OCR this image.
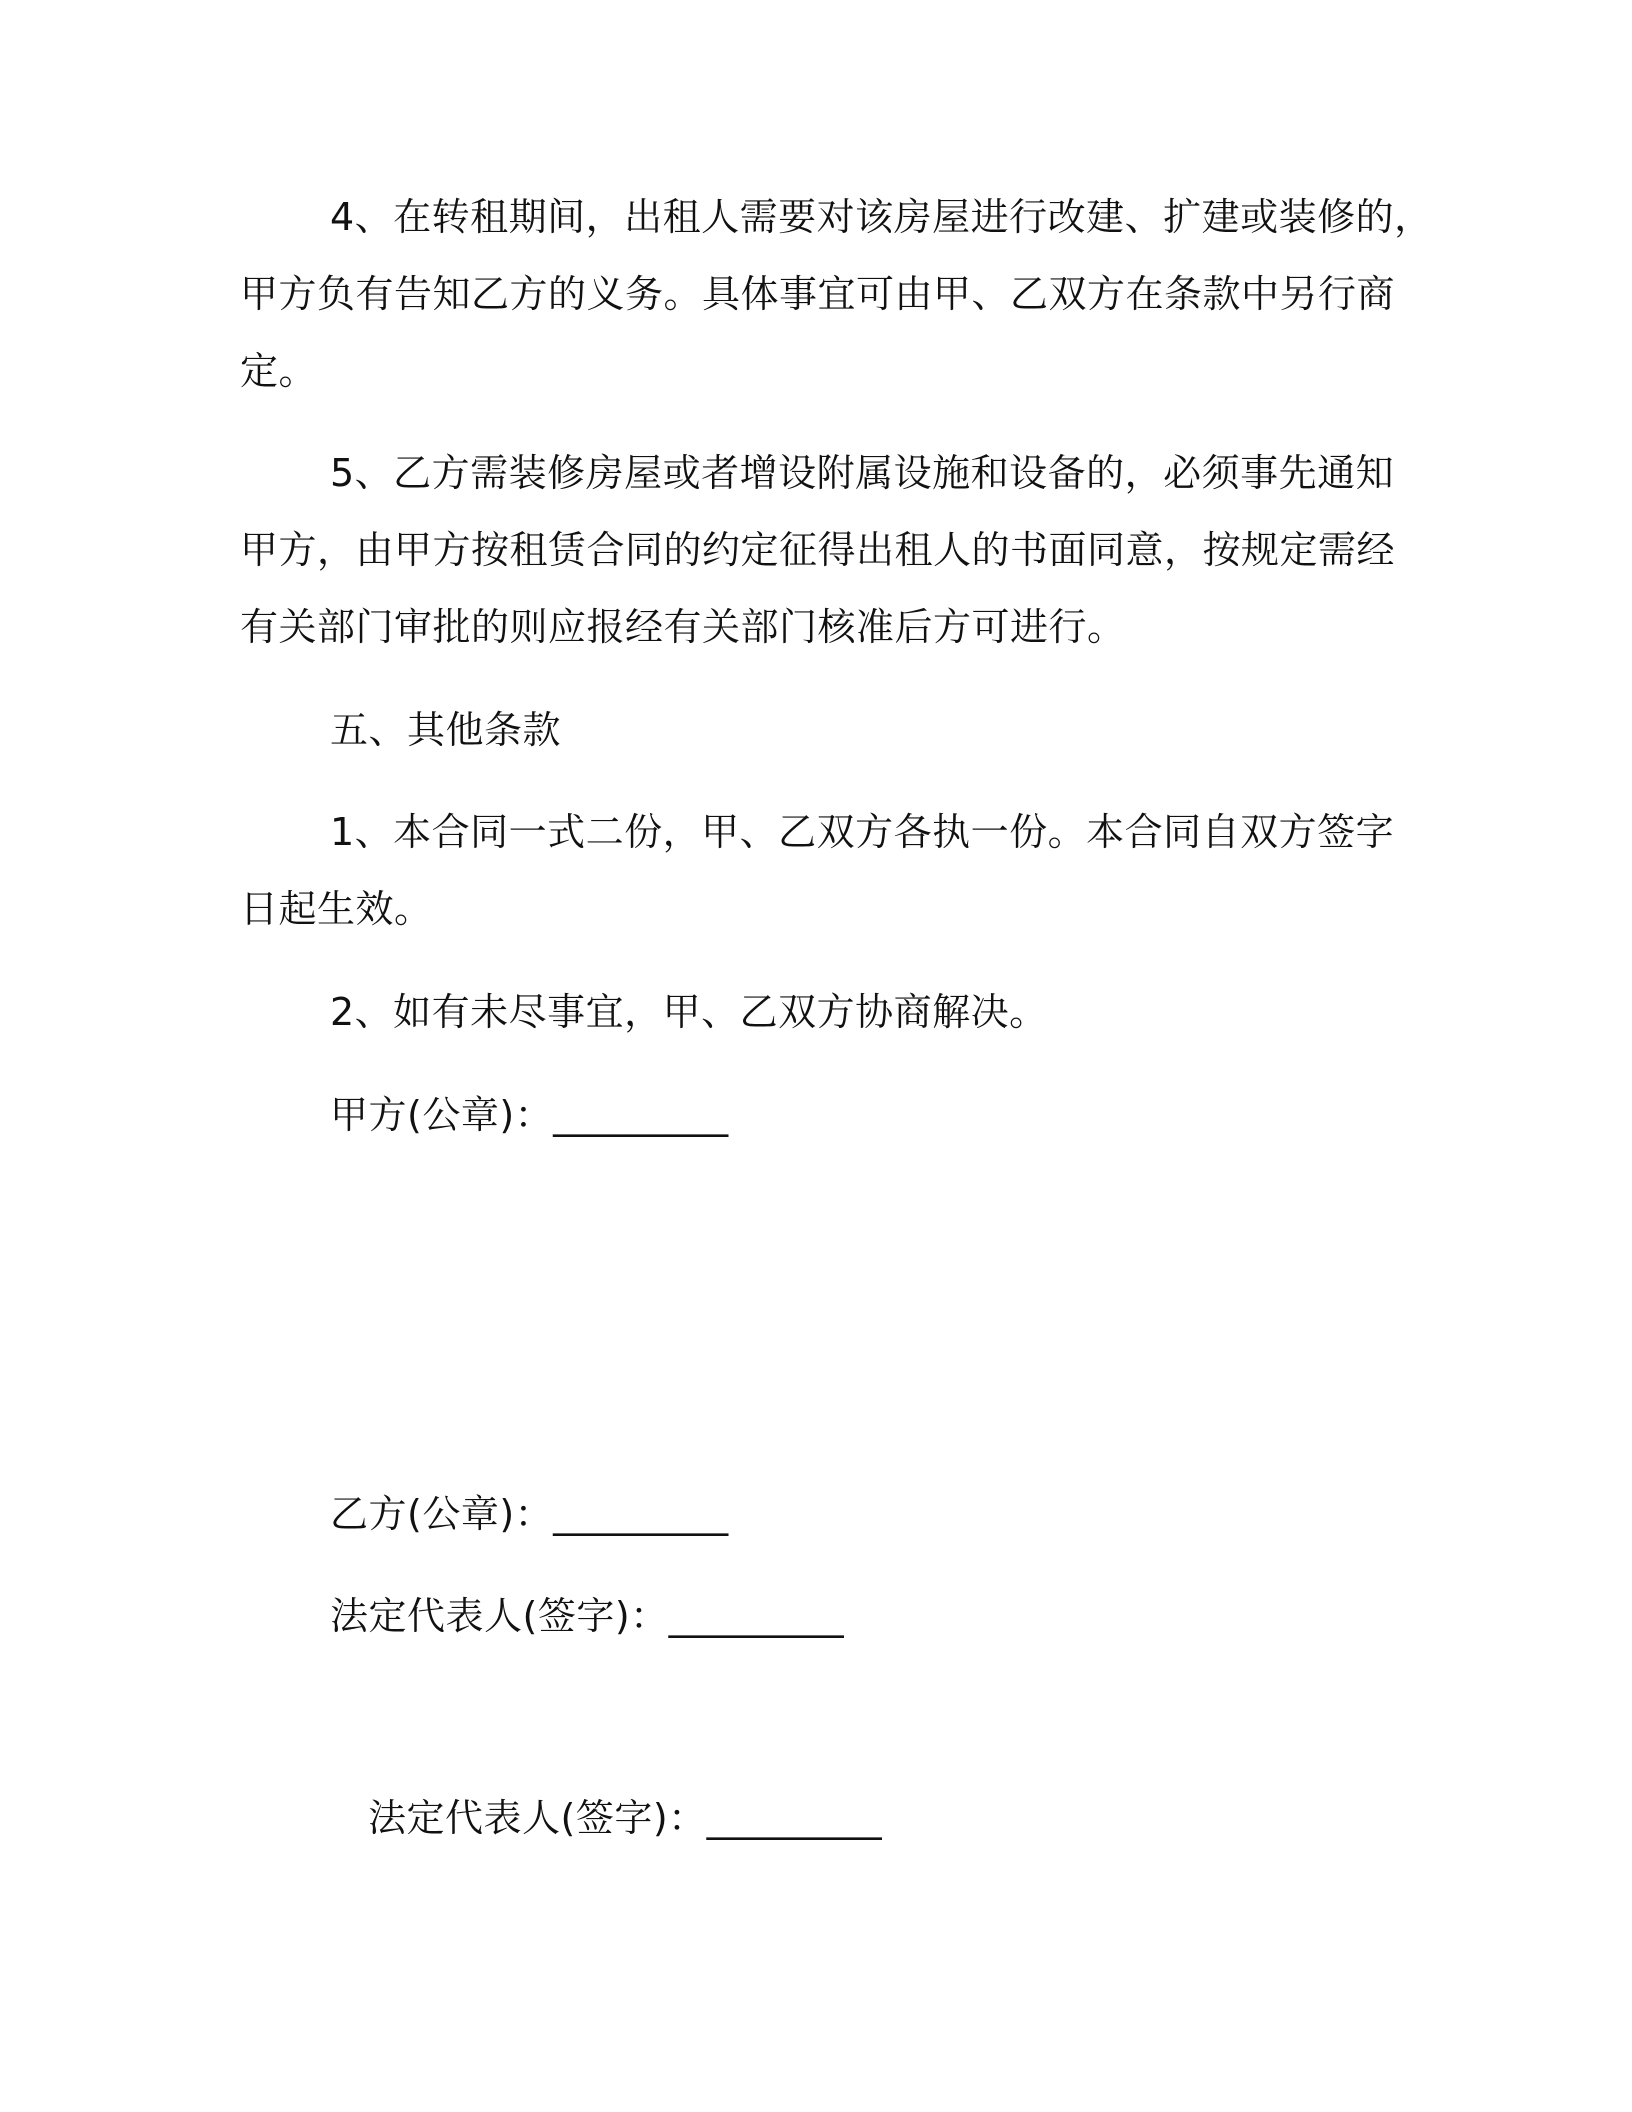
4、在转租期间，出租人需要对该房屋进行改建、扩建或装修的，
甲方负有告知乙方的义务。具体事宜可由甲、乙双方在条款中另行商
定。
5、乙方需装修房屋或者增设附属设施和设备的，必须事先通知
甲方，由甲方按租赁合同的约定征得出租人的书面同意，按规定需经
有关部门审批的则应报经有关部门核准后方可进行。
五、其他条款
1、本合同一式二份，甲、乙双方各执一份。本合同自双方签字
日起生效。
2、如有未尽事宜，甲、乙双方协商解决。
甲方(公章)：_________
乙方(公章)：_________
法定代表人(签字)：_________
法定代表人(签字)：_________
